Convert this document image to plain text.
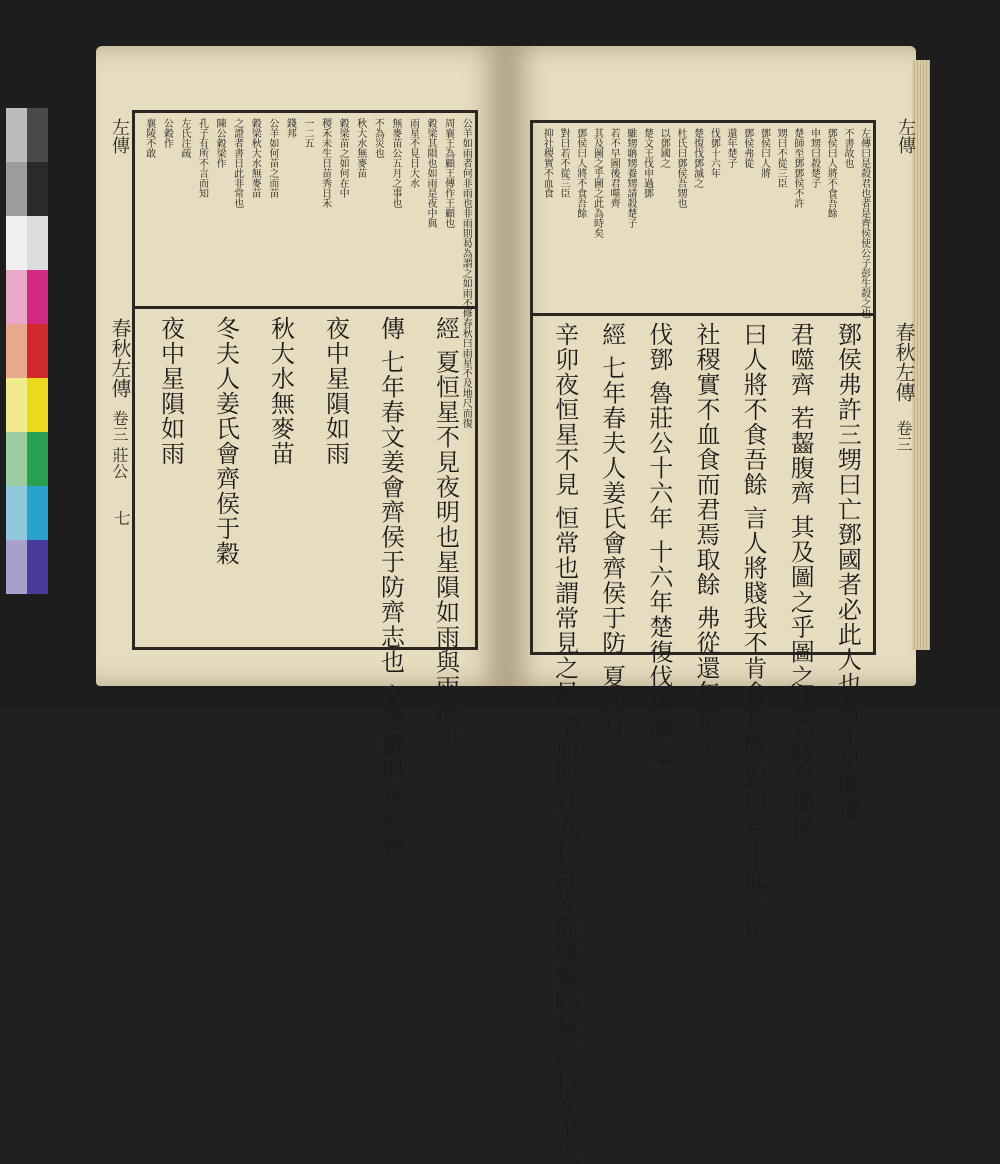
左傳
春秋左傳
卷三 莊公
七
左傳
春秋左傳
卷三
公羊如雨者何非雨也非雨則曷為謂之如雨不修春秋曰雨星不及地尺而復
周襄王為顧王傳作王顧也
穀梁其隕也如雨是夜中與
雨星不見日大水
無麥苗公五月之事也
不為災也
秋大水無麥苗
穀梁苗之如何在中
稷禾未生日苗秀日禾
一二五
錢邦
公羊如何苗之而苗
穀梁秋大水無麥苗
之證者書日此非常也
陳公穀梁作
孔子有所不言而知
左氏注疏
公穀作
襄陵不敢
經 夏恒星不見夜明也星隕如雨與雨偕也
傳 七年春文姜會齊侯于防齊志也 文姜數與齊侯會
夜中星隕如雨
秋大水無麥苗
冬夫人姜氏會齊侯于穀
夜中星隕如雨
左傳曰是殺君也者是齊侯使公子彭生殺之也
不書故也
鄧侯曰人將不食吾餘
申甥曰殺楚子
楚師至鄧鄧侯不許
甥曰不從三臣
鄧侯曰人將
鄧侯弗從
還年楚子
伐鄧十六年
楚復伐鄧滅之
杜氏曰鄧侯吾甥也
以鄧國之
楚文王伐申過鄧
騅甥聃甥養甥請殺楚子
若不早圖後君噬齊
其及圖之乎圖之此為時矣
鄧侯曰人將不食吾餘
對曰若不從三臣
抑社稷實不血食
鄧侯弗許三甥曰亡鄧國者必此人也若不早圖後
君噬齊 若齧腹齊 其及圖之乎圖之此為時矣鄧侯
曰人將不食吾餘 言人將賤我不肯食我餘 對曰若不從三臣
社稷實不血食而君焉取餘 弗從還年楚子
伐鄧 魯莊公十六年 十六年楚復伐鄧滅之
經 七年春夫人姜氏會齊侯于防 夏四月
辛卯夜恒星不見 恒常也謂常見之星 辛卯四月五日月光尚微蓋時無雲日光不以
